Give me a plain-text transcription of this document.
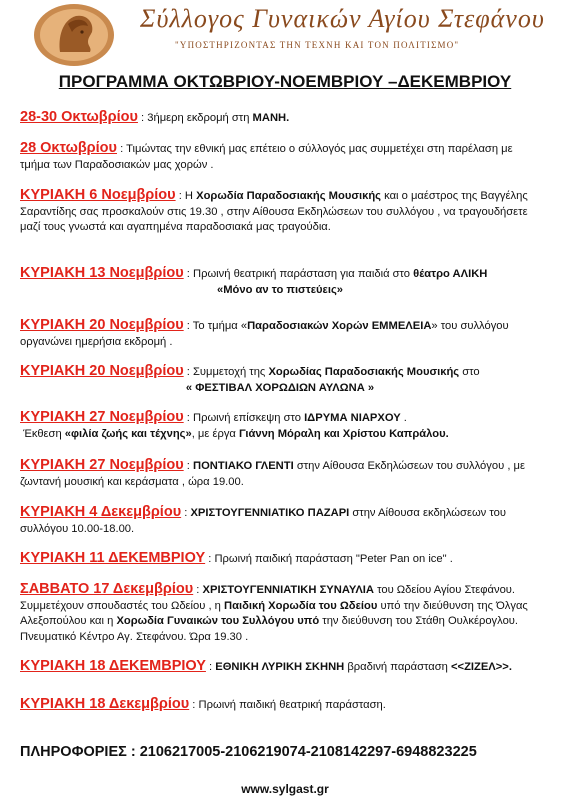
Σύλλογος Γυναικών Αγίου Στεφάνου
"ΥΠΟΣΤΗΡΙΖΟΝΤΑΣ ΤΗΝ ΤΕΧΝΗ ΚΑΙ ΤΟΝ ΠΟΛΙΤΙΣΜΟ"
ΠΡΟΓΡΑΜΜΑ ΟΚΤΩΒΡΙΟΥ-ΝΟΕΜΒΡΙΟΥ –ΔΕΚΕΜΒΡΙΟΥ
28-30 Οκτωβρίου : 3ήμερη εκδρομή στη ΜΑΝΗ.
28 Οκτωβρίου : Τιμώντας την εθνική μας επέτειο ο σύλλογός μας συμμετέχει στη παρέλαση με τμήμα των Παραδοσιακών μας χορών .
ΚΥΡΙΑΚΗ 6 Νοεμβρίου : Η Χορωδία Παραδοσιακής Μουσικής και ο μαέστρος της Βαγγέλης Σαραντίδης σας προσκαλούν στις 19.30 , στην Αίθουσα Εκδηλώσεων του συλλόγου , να τραγουδήσετε μαζί τους γνωστά και αγαπημένα παραδοσιακά μας τραγούδια.
ΚΥΡΙΑΚΗ 13 Νοεμβρίου : Πρωινή θεατρική παράσταση για παιδιά στο θέατρο ΑΛΙΚΗ
«Μόνο αν το πιστεύεις»
ΚΥΡΙΑΚΗ 20 Νοεμβρίου : Το τμήμα «Παραδοσιακών Χορών ΕΜΜΕΛΕΙΑ» του συλλόγου οργανώνει ημερήσια εκδρομή .
ΚΥΡΙΑΚΗ 20 Νοεμβρίου : Συμμετοχή της Χορωδίας Παραδοσιακής Μουσικής στο
« ΦΕΣΤΙΒΑΛ ΧΟΡΩΔΙΩΝ ΑΥΛΩΝΑ »
ΚΥΡΙΑΚΗ 27 Νοεμβρίου : Πρωινή επίσκεψη στο ΙΔΡΥΜΑ ΝΙΑΡΧΟΥ .
Έκθεση «φιλία ζωής και τέχνης», με έργα Γιάννη Μόραλη και Χρίστου Καπράλου.
ΚΥΡΙΑΚΗ 27 Νοεμβρίου : ΠΟΝΤΙΑΚΟ ΓΛΕΝΤΙ στην Αίθουσα Εκδηλώσεων του συλλόγου , με ζωντανή μουσική και κεράσματα , ώρα 19.00.
ΚΥΡΙΑΚΗ 4 Δεκεμβρίου : ΧΡΙΣΤΟΥΓΕΝΝΙΑΤΙΚΟ ΠΑΖΑΡΙ στην Αίθουσα εκδηλώσεων του συλλόγου 10.00-18.00.
ΚΥΡΙΑΚΗ 11 ΔΕΚΕΜΒΡΙΟΥ : Πρωινή παιδική παράσταση "Peter Pan on ice" .
ΣΑΒΒΑΤΟ 17 Δεκεμβρίου : ΧΡΙΣΤΟΥΓΕΝΝΙΑΤΙΚΗ ΣΥΝΑΥΛΙΑ του Ωδείου Αγίου Στεφάνου. Συμμετέχουν σπουδαστές του Ωδείου , η Παιδική Χορωδία του Ωδείου υπό την διεύθυνση της Όλγας Αλεξοπούλου και η Χορωδία Γυναικών του Συλλόγου υπό την διεύθυνση του Στάθη Ουλκέρογλου. Πνευματικό Κέντρο Αγ. Στεφάνου. Ώρα 19.30 .
ΚΥΡΙΑΚΗ 18 ΔΕΚΕΜΒΡΙΟΥ : ΕΘΝΙΚΗ ΛΥΡΙΚΗ ΣΚΗΝΗ βραδινή παράσταση <<ΖΙΖΕΛ>>.
ΚΥΡΙΑΚΗ 18 Δεκεμβρίου : Πρωινή παιδική θεατρική παράσταση.
ΠΛΗΡΟΦΟΡΙΕΣ : 2106217005-2106219074-2108142297-6948823225
www.sylgast.gr
